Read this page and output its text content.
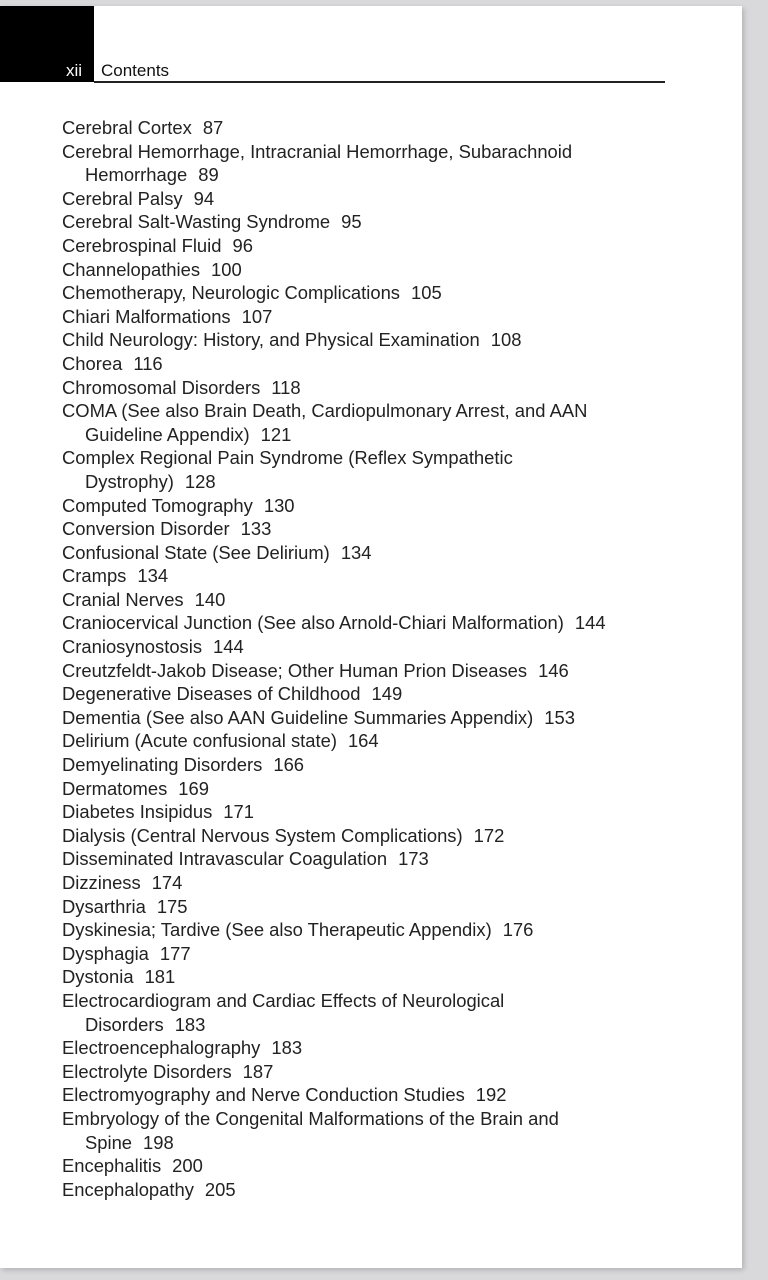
xii Contents
Cerebral Cortex 87
Cerebral Hemorrhage, Intracranial Hemorrhage, Subarachnoid

Hemorrhage 89
Cerebral Palsy 94
Cerebral Salt-Wasting Syndrome 95
Cerebrospinal Fluid 96
Channelopathies 100
Chemotherapy, Neurologic Complications 105
Chiari Malformations 107
Child Neurology: History, and Physical Examination 108
Chorea 116
Chromosomal Disorders 118
COMA (See also Brain Death, Cardiopulmonary Arrest, and AAN

Guideline Appendix) 121
Complex Regional Pain Syndrome (Reflex Sympathetic

Dystrophy) 128
Computed Tomography 130
Conversion Disorder 133
Confusional State (See Delirium) 134
Cramps 134
Cranial Nerves 140
Craniocervical Junction (See also Arnold-Chiari Malformation) 144
Craniosynostosis 144
Creutzfeldt-Jakob Disease; Other Human Prion Diseases 146
Degenerative Diseases of Childhood 149
Dementia (See also AAN Guideline Summaries Appendix) 153
Delirium (Acute confusional state) 164
Demyelinating Disorders 166
Dermatomes 169
Diabetes Insipidus 171
Dialysis (Central Nervous System Complications) 172
Disseminated Intravascular Coagulation 173
Dizziness 174
Dysarthria 175
Dyskinesia; Tardive (See also Therapeutic Appendix) 176
Dysphagia 177
Dystonia 181
Electrocardiogram and Cardiac Effects of Neurological

Disorders 183
Electroencephalography 183
Electrolyte Disorders 187
Electromyography and Nerve Conduction Studies 192
Embryology of the Congenital Malformations of the Brain and

Spine 198
Encephalitis 200
Encephalopathy 205
